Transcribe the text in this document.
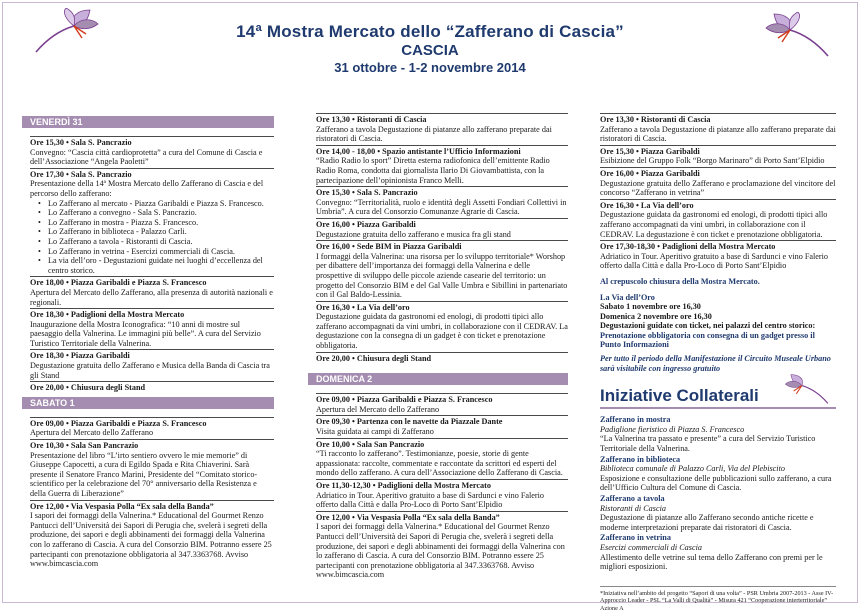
14ª Mostra Mercato dello “Zafferano di Cascia”
CASCIA
31 ottobre - 1-2 novembre 2014
VENERDÌ 31
Ore 15,30 • Sala S. Pancrazio
Convegno: “Cascia città cardioprotetta” a cura del Comune di Cascia e dell’Associazione “Angela Paoletti”
Ore 17,30 • Sala S. Pancrazio
Presentazione della 14ª Mostra Mercato dello Zafferano di Cascia e del percorso dello zafferano:
• Lo Zafferano al mercato - Piazza Garibaldi e Piazza S. Francesco.
• Lo Zafferano a convegno - Sala S. Pancrazio.
• Lo Zafferano in mostra - Piazza S. Francesco.
• Lo Zafferano in biblioteca - Palazzo Carli.
• Lo Zafferano a tavola - Ristoranti di Cascia.
• Lo Zafferano in vetrina - Esercizi commerciali di Cascia.
• La via dell’oro - Degustazioni guidate nei luoghi d’eccellenza del centro storico.
Ore 18,00 • Piazza Garibaldi e Piazza S. Francesco
Apertura del Mercato dello Zafferano, alla presenza di autorità nazionali e regionali.
Ore 18,30 • Padiglioni della Mostra Mercato
Inaugurazione della Mostra Iconografica: “10 anni di mostre sul paesaggio della Valnerina. Le immagini più belle”. A cura del Servizio Turistico Territoriale della Valnerina.
Ore 18,30 • Piazza Garibaldi
Degustazione gratuita dello Zafferano e Musica della Banda di Cascia tra gli Stand
Ore 20,00 • Chiusura degli Stand
SABATO 1
Ore 09,00 • Piazza Garibaldi e Piazza S. Francesco
Apertura del Mercato dello Zafferano
Ore 10,30 • Sala San Pancrazio
Presentazione del libro “L’irto sentiero ovvero le mie memorie” di Giuseppe Capocetti, a cura di Egildo Spada e Rita Chiaverini. Sarà presente il Senatore Franco Marini, Presidente del “Comitato storico-scientifico per la celebrazione del 70° anniversario della Resistenza e della Guerra di Liberazione”
Ore 12,00 • Via Vespasia Polla “Ex sala della Banda”
I sapori dei formaggi della Valnerina.* Educational del Gourmet Renzo Pantucci dell’Università dei Sapori di Perugia che, svelerà i segreti della produzione, dei sapori e degli abbinamenti dei formaggi della Valnerina con lo zafferano di Cascia. A cura del Consorzio BIM. Potranno essere 25 partecipanti con prenotazione obbligatoria al 347.3363768. Avviso www.bimcascia.com
Ore 13,30 • Ristoranti di Cascia
Zafferano a tavola Degustazione di piatanze allo zafferano preparate dai ristoratori di Cascia.
Ore 14,00 - 18,00 • Spazio antistante l’Ufficio Informazioni
“Radio Radio lo sport” Diretta esterna radiofonica dell’emittente Radio Radio Roma, condotta dai giornalista Ilario Di Giovambattista, con la partecipazione dell’opinionista Franco Melli.
Ore 15,30 • Sala S. Pancrazio
Convegno: “Territorialità, ruolo e identità degli Assetti Fondiari Collettivi in Umbria”. A cura del Consorzio Comunanze Agrarie di Cascia.
Ore 16,00 • Piazza Garibaldi
Degustazione gratuita dello zafferano e musica fra gli stand
Ore 16,00 • Sede BIM in Piazza Garibaldi
I formaggi della Valnerina: una risorsa per lo sviluppo territoriale* Worshop per dibattere dell’importanza dei formaggi della Valnerina e delle prospettive di sviluppo delle piccole aziende casearie del territorio: un progetto del Consorzio BIM e del Gal Valle Umbra e Sibillini in partenariato con il Gal Baldo-Lessinia.
Ore 16,30 • La Via dell’oro
Degustazione guidata da gastronomi ed enologi, di prodotti tipici allo zafferano accompagnati da vini umbri, in collaborazione con il CEDRAV. La degustazione con la consegna di un gadget è con ticket e prenotazione obbligatoria.
Ore 20,00 • Chiusura degli Stand
DOMENICA 2
Ore 09,00 • Piazza Garibaldi e Piazza S. Francesco
Apertura del Mercato dello Zafferano
Ore 09,30 • Partenza con le navette da Piazzale Dante
Visita guidata ai campi di Zafferano
Ore 10,00 • Sala San Pancrazio
“Ti racconto lo zafferano”. Testimonianze, poesie, storie di gente appassionata: raccolte, commentate e raccontate da scrittori ed esperti del mondo dello zafferano. A cura dell’Associazione dello Zafferano di Cascia.
Ore 11,30-12,30 • Padiglioni della Mostra Mercato
Adriatico in Tour. Aperitivo gratuito a base di Sardunci e vino Falerio offerto dalla Città e dalla Pro-Loco di Porto Sant’Elpidio
Ore 12,00 • Via Vespasia Polla “Ex sala della Banda”
I sapori dei formaggi della Valnerina.* Educational del Gourmet Renzo Pantucci dell’Università dei Sapori di Perugia che, svelerà i segreti della produzione, dei sapori e degli abbinamenti dei formaggi della Valnerina con lo zafferano di Cascia. A cura del Consorzio BIM. Potranno essere 25 partecipanti con prenotazione obbligatoria al 347.3363768. Avviso www.bimcascia.com
Ore 13,30 • Ristoranti di Cascia
Zafferano a tavola Degustazione di piatanze allo zafferano preparate dai ristoratori di Cascia.
Ore 15,30 • Piazza Garibaldi
Esibizione del Gruppo Folk “Borgo Marinaro” di Porto Sant’Elpidio
Ore 16,00 • Piazza Garibaldi
Degustazione gratuita dello Zafferano e proclamazione del vincitore del concorso “Zafferano in vetrina”
Ore 16,30 • La Via dell’oro
Degustazione guidata da gastronomi ed enologi, di prodotti tipici allo zafferano accompagnati da vini umbri, in collaborazione con il CEDRAV. La degustazione è con ticket e prenotazione obbligatoria.
Ore 17,30-18,30 • Padiglioni della Mostra Mercato
Adriatico in Tour. Aperitivo gratuito a base di Sardunci e vino Falerio offerto dalla Città e dalla Pro-Loco di Porto Sant’Elpidio
Al crepuscolo chiusura della Mostra Mercato.
La Via dell’Oro
Sabato 1 novembre ore 16,30
Domenica 2 novembre ore 16,30
Degustazioni guidate con ticket, nei palazzi del centro storico:
Prenotazione obbligatoria con consegna di un gadget presso il Punto Informazioni
Per tutto il periodo della Manifestazione il Circuito Museale Urbano sarà visitabile con ingresso gratuito
Iniziative Collaterali
Zafferano in mostra
Padiglione fieristico di Piazza S. Francesco
“La Valnerina tra passato e presente” a cura del Servizio Turistico Territoriale della Valnerina.
Zafferano in biblioteca
Biblioteca comunale di Palazzo Carli, Via del Plebiscito
Esposizione e consultazione delle pubblicazioni sullo zafferano, a cura dell’Ufficio Cultura del Comune di Cascia.
Zafferano a tavola
Ristoranti di Cascia
Degustazione di piatanze allo Zafferano secondo antiche ricette e moderne interpretazioni preparate dai ristoratori di Cascia.
Zafferano in vetrina
Esercizi commerciali di Cascia
Allestimento delle vetrine sul tema dello Zafferano con premi per le migliori esposizioni.
*Iniziativa nell’ambito del progetto “Sapori di una volta” - PSR Umbria 2007-2013 - Asse IV- Approccio Leader - PSL “La Valli di Qualità” - Misura 421 “Cooperazione interterritoriale” Azione A
